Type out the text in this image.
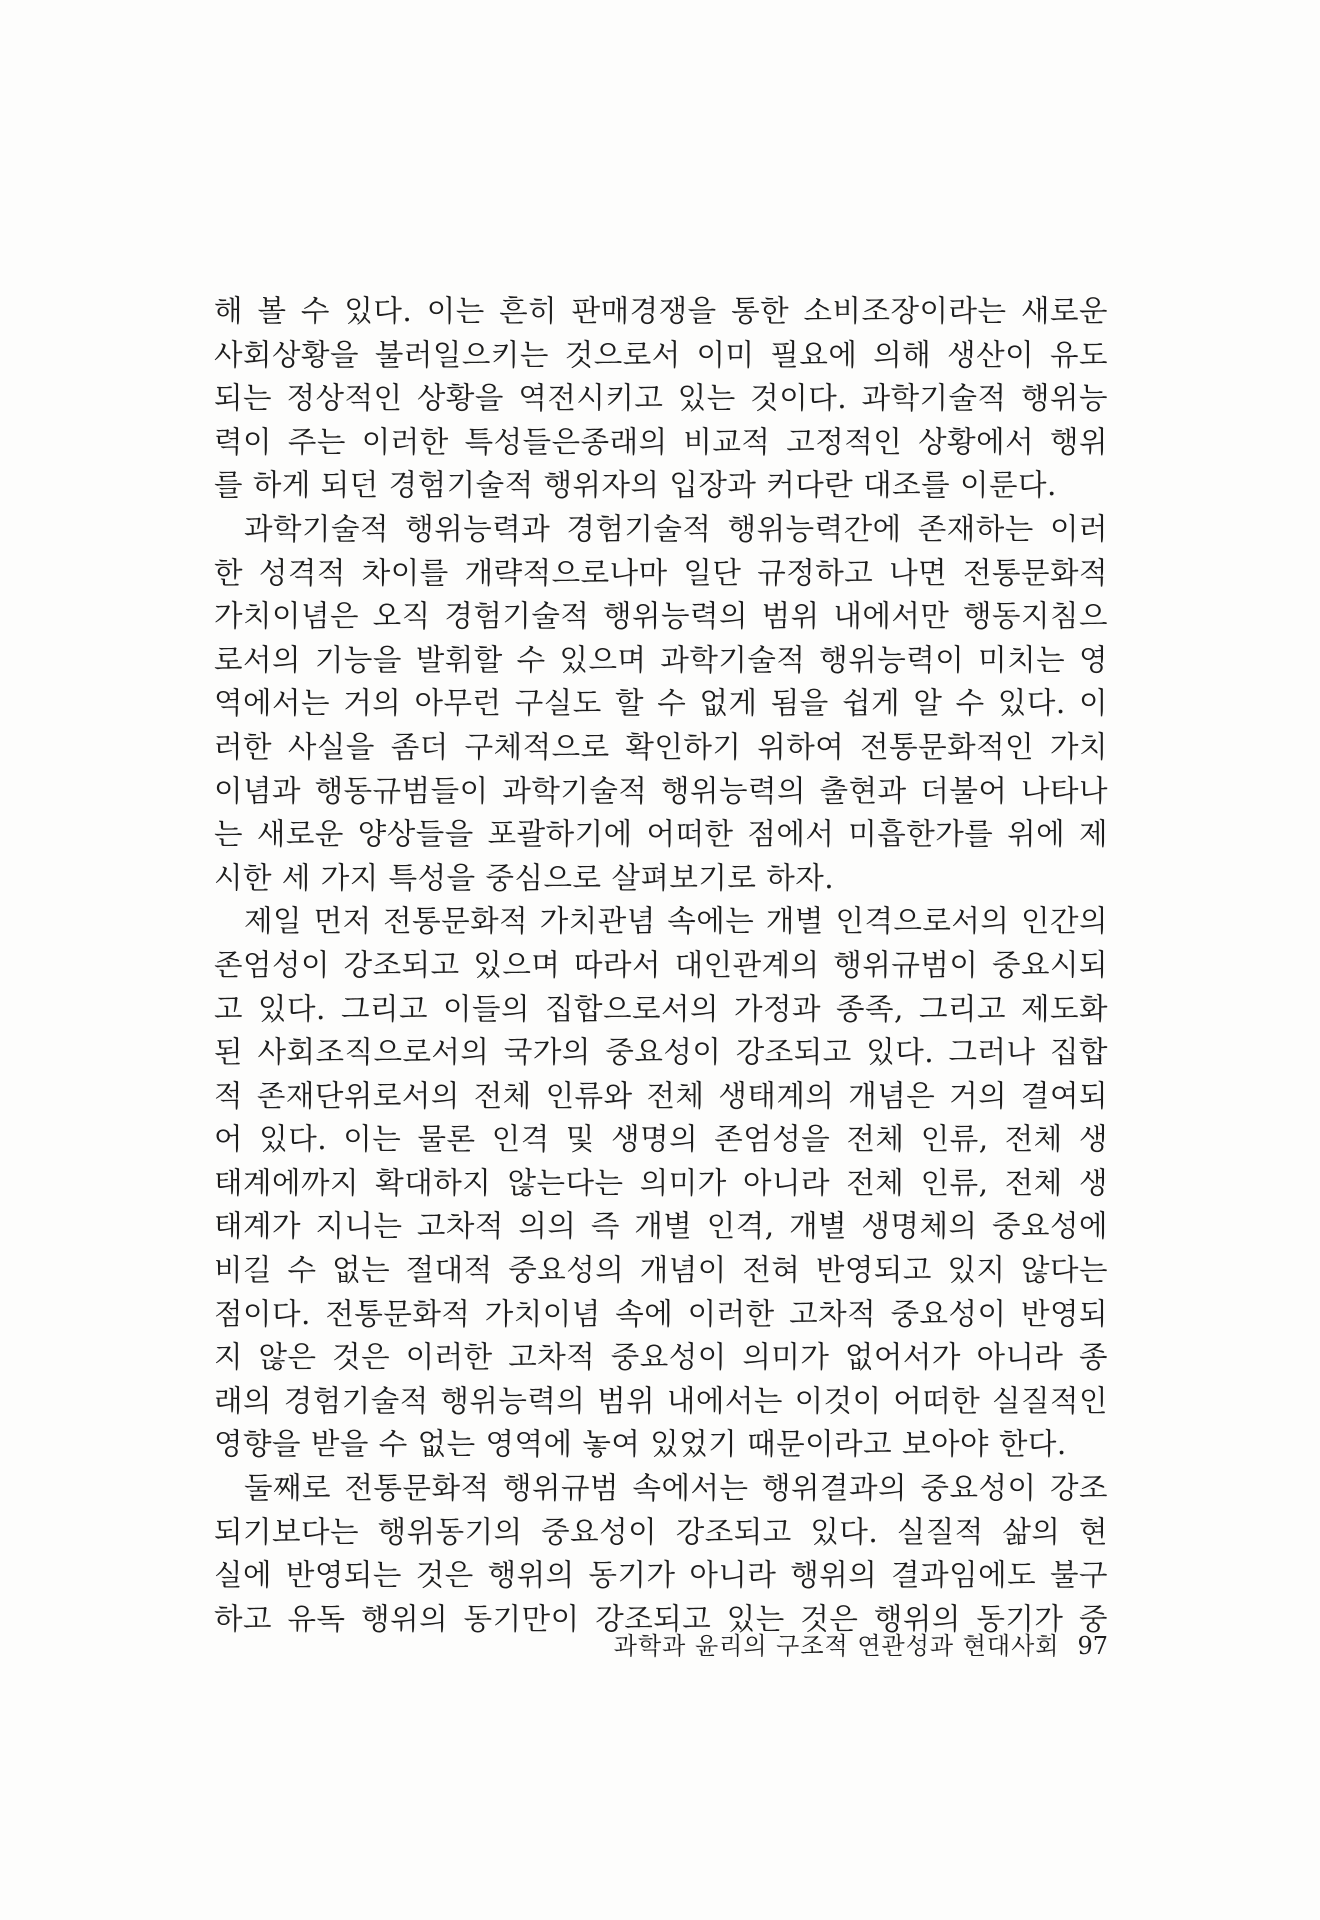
해 볼 수 있다. 이는 흔히 판매경쟁을 통한 소비조장이라는 새로운
사회상황을 불러일으키는 것으로서 이미 필요에 의해 생산이 유도
되는 정상적인 상황을 역전시키고 있는 것이다. 과학기술적 행위능
력이 주는 이러한 특성들은종래의 비교적 고정적인 상황에서 행위
를 하게 되던 경험기술적 행위자의 입장과 커다란 대조를 이룬다.
과학기술적 행위능력과 경험기술적 행위능력간에 존재하는 이러
한 성격적 차이를 개략적으로나마 일단 규정하고 나면 전통문화적
가치이념은 오직 경험기술적 행위능력의 범위 내에서만 행동지침으
로서의 기능을 발휘할 수 있으며 과학기술적 행위능력이 미치는 영
역에서는 거의 아무런 구실도 할 수 없게 됨을 쉽게 알 수 있다. 이
러한 사실을 좀더 구체적으로 확인하기 위하여 전통문화적인 가치
이념과 행동규범들이 과학기술적 행위능력의 출현과 더불어 나타나
는 새로운 양상들을 포괄하기에 어떠한 점에서 미흡한가를 위에 제
시한 세 가지 특성을 중심으로 살펴보기로 하자.
제일 먼저 전통문화적 가치관념 속에는 개별 인격으로서의 인간의
존엄성이 강조되고 있으며 따라서 대인관계의 행위규범이 중요시되
고 있다. 그리고 이들의 집합으로서의 가정과 종족, 그리고 제도화
된 사회조직으로서의 국가의 중요성이 강조되고 있다. 그러나 집합
적 존재단위로서의 전체 인류와 전체 생태계의 개념은 거의 결여되
어 있다. 이는 물론 인격 및 생명의 존엄성을 전체 인류, 전체 생
태계에까지 확대하지 않는다는 의미가 아니라 전체 인류, 전체 생
태계가 지니는 고차적 의의 즉 개별 인격, 개별 생명체의 중요성에
비길 수 없는 절대적 중요성의 개념이 전혀 반영되고 있지 않다는
점이다. 전통문화적 가치이념 속에 이러한 고차적 중요성이 반영되
지 않은 것은 이러한 고차적 중요성이 의미가 없어서가 아니라 종
래의 경험기술적 행위능력의 범위 내에서는 이것이 어떠한 실질적인
영향을 받을 수 없는 영역에 놓여 있었기 때문이라고 보아야 한다.
둘째로 전통문화적 행위규범 속에서는 행위결과의 중요성이 강조
되기보다는 행위동기의 중요성이 강조되고 있다. 실질적 삶의 현
실에 반영되는 것은 행위의 동기가 아니라 행위의 결과임에도 불구
하고 유독 행위의 동기만이 강조되고 있는 것은 행위의 동기가 중
과학과 윤리의 구조적 연관성과 현대사회 97
